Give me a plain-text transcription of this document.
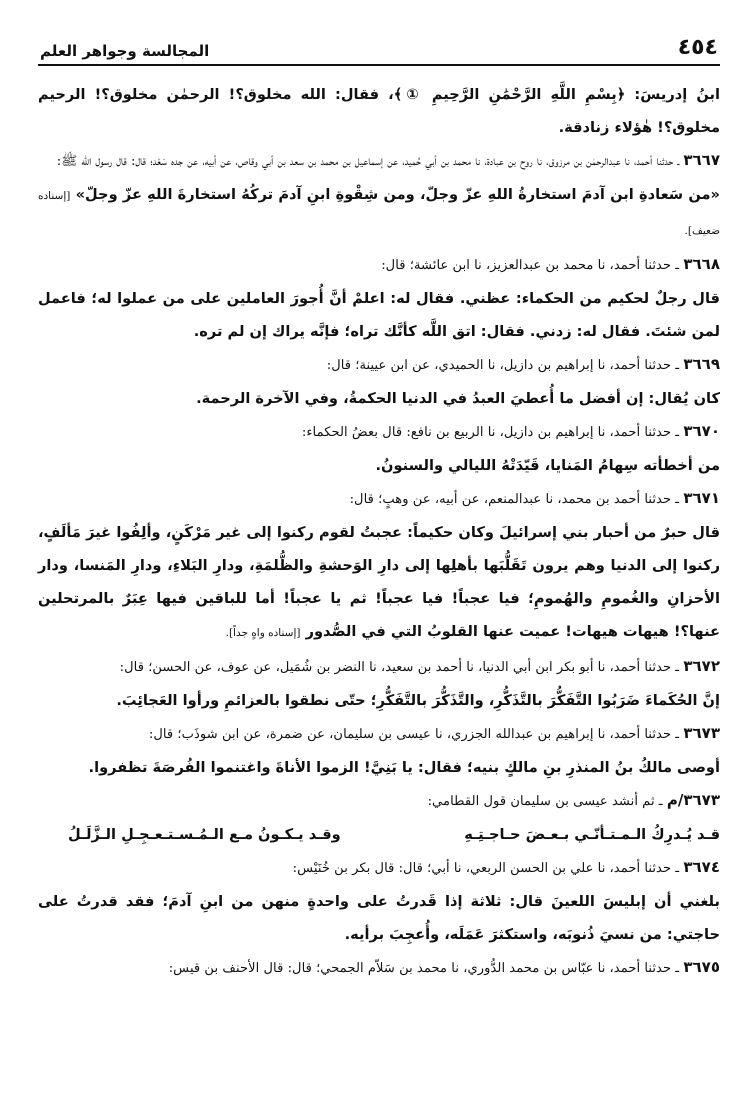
٤٥٤
المجالسة وجواهر العلم

ابنُ إدريسَ: ﴿بِسْمِ اللَّهِ الرَّحْمَٰنِ الرَّحِيمِ ①﴾، فقال: الله مخلوق؟! الرحمٰن مخلوق؟! الرحيم مخلوق؟! هٰؤلاء زنادقة.

٣٦٦٧ ـ حدثنا أحمد، نا عبدالرحمٰن بن مرزوق، نا روح بن عبادة، نا محمد بن أبي حُميد، عن إسماعيل بن محمد بن سعد بن أبي وقاص، عن أبيه، عن جده سَعْد؛ قال: قال رسول الله ﷺ:

«من سَعادةِ ابن آدمَ استخارةُ اللهِ عزّ وجلّ، ومن شِقْوةِ ابنِ آدمَ تركُهُ استخارةَ اللهِ عزّ وجلّ» [إسناده ضعيف].

٣٦٦٨ ـ حدثنا أحمد، نا محمد بن عبدالعزيز، نا ابن عائشة؛ قال:

قال رجلٌ لحكيم من الحكماء: عظني. فقال له: اعلمْ أنَّ أُجورَ العاملين على من عملوا له؛ فاعمل لمن شئتَ. فقال له: زدني. فقال: اتق اللَّه كأنَّك تراه؛ فإنَّه يراك إن لم تره.

٣٦٦٩ ـ حدثنا أحمد، نا إبراهيم بن دازيل، نا الحميدي، عن ابن عيينة؛ قال:

كان يُقال: إن أفضل ما أُعطيَ العبدُ في الدنيا الحكمةُ، وفي الآخرة الرحمة.

٣٦٧٠ ـ حدثنا أحمد، نا إبراهيم بن دازيل، نا الربيع بن نافع: قال بعضُ الحكماء:

من أخطأته سِهامُ المَنايا، قَيّدَتْهُ الليالي والسنونُ.

٣٦٧١ ـ حدثنا أحمد بن محمد، نا عبدالمنعم، عن أبيه، عن وهبٍ؛ قال:

قال حبرٌ من أحبار بني إسرائيلَ وكان حكيماً: عجبتُ لقوم ركنوا إلى غير مَرْكَنٍ، وألِفُوا غيرَ مَألَفٍ، ركنوا إلى الدنيا وهم يرون تَقَلُّبَها بأهلِها إلى دارِ الوَحشةِ والظُّلمَةِ، ودارِ البَلاءِ، ودارِ المَنسا، ودار الأحزانِ والغُمومِ والهُمومِ؛ فيا عجباً! فيا عجباً! ثم يا عجباً! أما للباقين فيها عِبَرٌ بالمرتحلين عنها؟! هيهات هيهات! عميت عنها القلوبُ التي في الصُّدور [إسناده واهٍ جداً].

٣٦٧٢ ـ حدثنا أحمد، نا أبو بكر ابن أبي الدنيا، نا أحمد بن سعيد، نا النضر بن شُمَيل، عن عوف، عن الحسن؛ قال:

إنَّ الحُكَماءَ ضَرَبُوا التَّفَكُّرَ بالتَّذَكُّرِ، والتَّذَكُّرَ بالتَّفَكُّرِ؛ حتّى نطقوا بالعزائمِ ورأوا العَجائِبَ.

٣٦٧٣ ـ حدثنا أحمد، نا إبراهيم بن عبدالله الجزري، نا عيسى بن سليمان، عن ضمرة، عن ابن شوذَب؛ قال:

أوصى مالكُ بنُ المنذرِ بنِ مالكٍ بنيه؛ فقال: يا بَنِيَّ! الزموا الأناةَ واغتنموا الفُرصَةَ تظفروا.

٣٦٧٣/م ـ ثم أنشد عيسى بن سليمان قول القطامي:

قـد يُـدرِكُ الـمـتـأنّـي بـعـضَ حـاجـتِـهِ
وقـد يـكـونُ مـع الـمُـسـتـعـجِـلِ الـزَّلَـلُ

٣٦٧٤ ـ حدثنا أحمد، نا علي بن الحسن الربعي، نا أبي؛ قال: قال بكر بن خُنَيْس:

بلغني أن إبليسَ اللعينَ قال: ثلاثة إذا قَدرتُ على واحدةٍ منهن من ابنِ آدمَ؛ فقد قدرتُ على حاجتي: من نسيَ ذُنوبَه، واستكثرَ عَمَلَه، وأُعجِبَ برأيه.

٣٦٧٥ ـ حدثنا أحمد، نا عبّاس بن محمد الدُّوري، نا محمد بن سَلاّم الجمحي؛ قال: قال الأحنف بن قيس:
